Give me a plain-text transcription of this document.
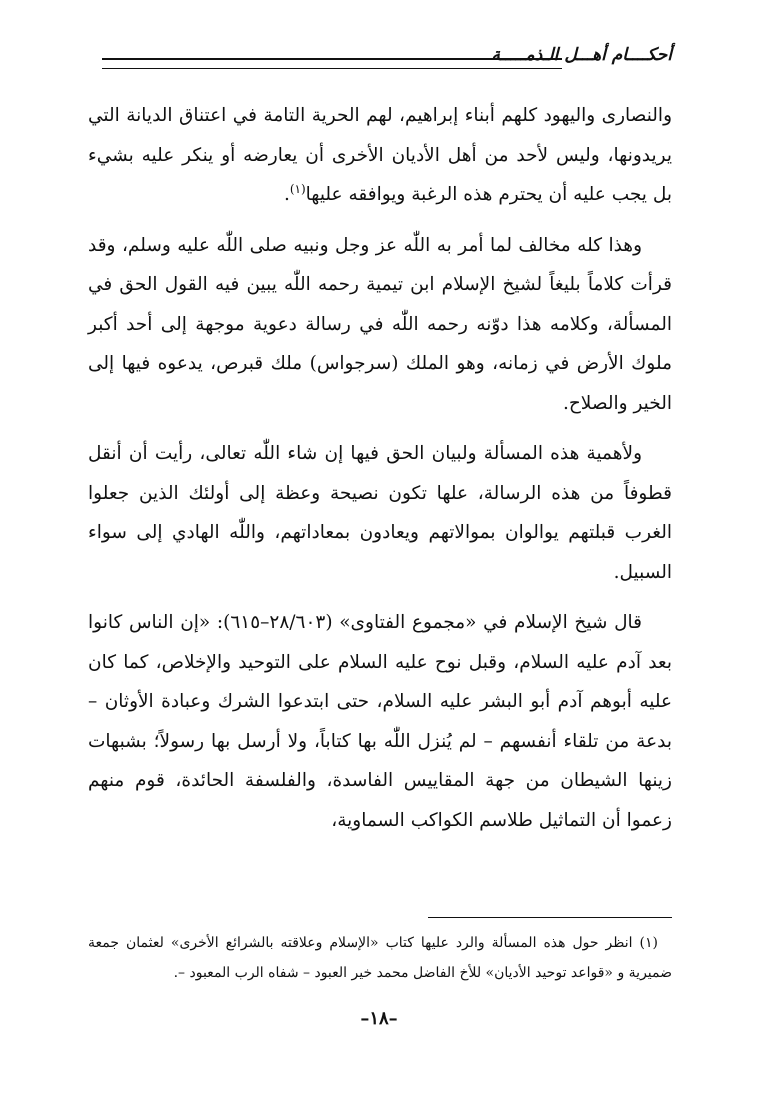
أحكــــام أهـــل الـذمـــــة

والنصارى واليهود كلهم أبناء إبراهيم، لهم الحرية التامة في اعتناق الديانة التي يريدونها، وليس لأحد من أهل الأديان الأخرى أن يعارضه أو ينكر عليه بشيء بل يجب عليه أن يحترم هذه الرغبة ويوافقه عليها$^{(١)}$.

وهذا كله مخالف لما أمر به اللّٰه عز وجل ونبيه صلى اللّٰه عليه وسلم، وقد قرأت كلاماً بليغاً لشيخ الإسلام ابن تيمية رحمه اللّٰه يبين فيه القول الحق في المسألة، وكلامه هذا دوّنه رحمه اللّٰه في رسالة دعوية موجهة إلى أحد أكبر ملوك الأرض في زمانه، وهو الملك (سرجواس) ملك قبرص، يدعوه فيها إلى الخير والصلاح.

ولأهمية هذه المسألة ولبيان الحق فيها إن شاء اللّٰه تعالى، رأيت أن أنقل قطوفاً من هذه الرسالة، علها تكون نصيحة وعظة إلى أولئك الذين جعلوا الغرب قبلتهم يوالوان بموالاتهم ويعادون بمعاداتهم، واللّٰه الهادي إلى سواء السبيل.

قال شيخ الإسلام في «مجموع الفتاوى» (٢٨/٦٠٣–٦١٥): «إن الناس كانوا بعد آدم عليه السلام، وقبل نوح عليه السلام على التوحيد والإخلاص، كما كان عليه أبوهم آدم أبو البشر عليه السلام، حتى ابتدعوا الشرك وعبادة الأوثان – بدعة من تلقاء أنفسهم – لم يُنزل اللّٰه بها كتاباً، ولا أرسل بها رسولاً؛ بشبهات زينها الشيطان من جهة المقاييس الفاسدة، والفلسفة الحائدة، قوم منهم زعموا أن التماثيل طلاسم الكواكب السماوية،

(١) انظر حول هذه المسألة والرد عليها كتاب «الإسلام وعلاقته بالشرائع الأخرى» لعثمان جمعة ضميرية و «قواعد توحيد الأديان» للأخ الفاضل محمد خير العبود – شفاه الرب المعبود –.

–١٨–
